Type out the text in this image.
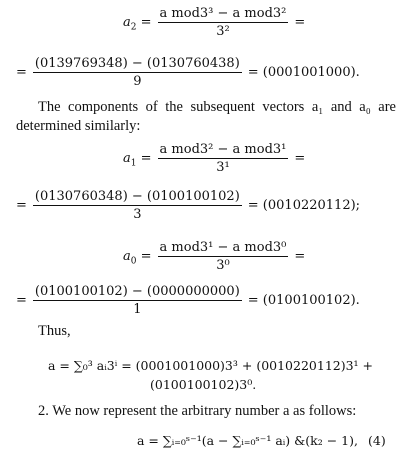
$a_2 = \frac{\text{a mod3³ − a mod3²}}{\text{3²}}$ =
= $\frac{(0139769348) - (0130760438)}{9} = (0001001000)$.
The components of the subsequent vectors a₁ and a₀ are determined similarly:
$a_1 = \frac{\text{a mod3² − a mod3¹}}{\text{3¹}}$ =
= $\frac{(0130760348) - (0100100102)}{3} = (0010220112)$;
$a_0 = \frac{\text{a mod3¹ − a mod3⁰}}{\text{3⁰}}$ =
= $\frac{(0100100102) - (0000000000)}{1} = (0100100102)$.
Thus,
a = ∑₀³ aᵢ3ⁱ = (0001001000)3³ + (0010220112)3¹ +
(0100100102)3⁰.
2. We now represent the arbitrary number a as follows:
a = ∑ᵢ₌₀ˢ⁻¹(a − ∑ᵢ₌₀ˢ⁻¹ aᵢ) &(k₂ − 1), (4)
